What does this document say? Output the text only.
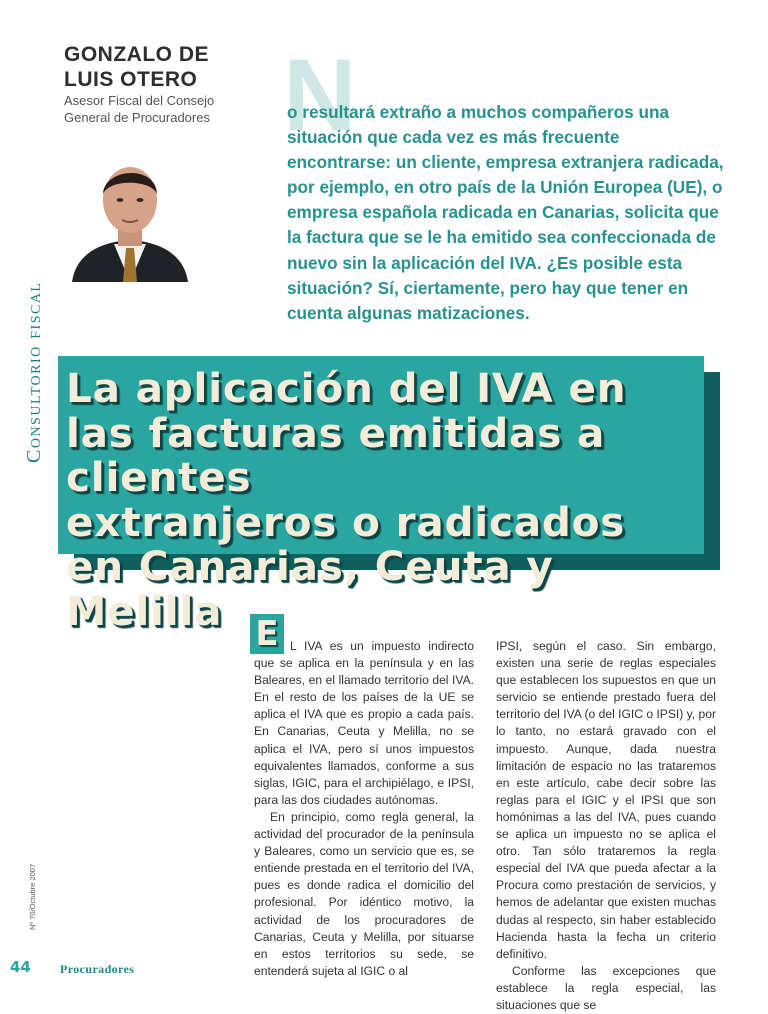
Consultorio fiscal
GONZALO DE LUIS OTERO
Asesor Fiscal del Consejo General de Procuradores N
o resultará extraño a muchos compañeros una situación que cada vez es más frecuente encontrarse: un cliente, empresa extranjera radicada, por ejemplo, en otro país de la Unión Europea (UE), o empresa española radicada en Canarias, solicita que la factura que se le ha emitido sea confeccionada de nuevo sin la aplicación del IVA. ¿Es posible esta situación? Sí, ciertamente, pero hay que tener en cuenta algunas matizaciones.
La aplicación del IVA en
las facturas emitidas a clientes
extranjeros o radicados
en Canarias, Ceuta y Melilla E L IVA es un impuesto indirecto que se aplica en la península y en las Baleares, en el llamado territorio del IVA. En el resto de los países de la UE se aplica el IVA que es propio a cada país. En Canarias, Ceuta y Melilla, no se aplica el IVA, pero sí unos impuestos equivalentes llamados, conforme a sus siglas, IGIC, para el archipiélago, e IPSI, para las dos ciudades autónomas.

En principio, como regla general, la actividad del procurador de la península y Baleares, como un servicio que es, se entiende prestada en el territorio del IVA, pues es donde radica el domicilio del profesional. Por idéntico motivo, la actividad de los procuradores de Canarias, Ceuta y Melilla, por situarse en estos territorios su sede, se entenderá sujeta al IGIC o al

IPSI, según el caso. Sin embargo, existen una serie de reglas especiales que establecen los supuestos en que un servicio se entiende prestado fuera del territorio del IVA (o del IGIC o IPSI) y, por lo tanto, no estará gravado con el impuesto. Aunque, dada nuestra limitación de espacio no las trataremos en este artículo, cabe decir sobre las reglas para el IGIC y el IPSI que son homónimas a las del IVA, pues cuando se aplica un impuesto no se aplica el otro. Tan sólo trataremos la regla especial del IVA que pueda afectar a la Procura como prestación de servicios, y hemos de adelantar que existen muchas dudas al respecto, sin haber establecido Hacienda hasta la fecha un criterio definitivo.

Conforme las excepciones que establece la regla especial, las situaciones que se

Nº 70/Octubre 2007
44 Procuradores
